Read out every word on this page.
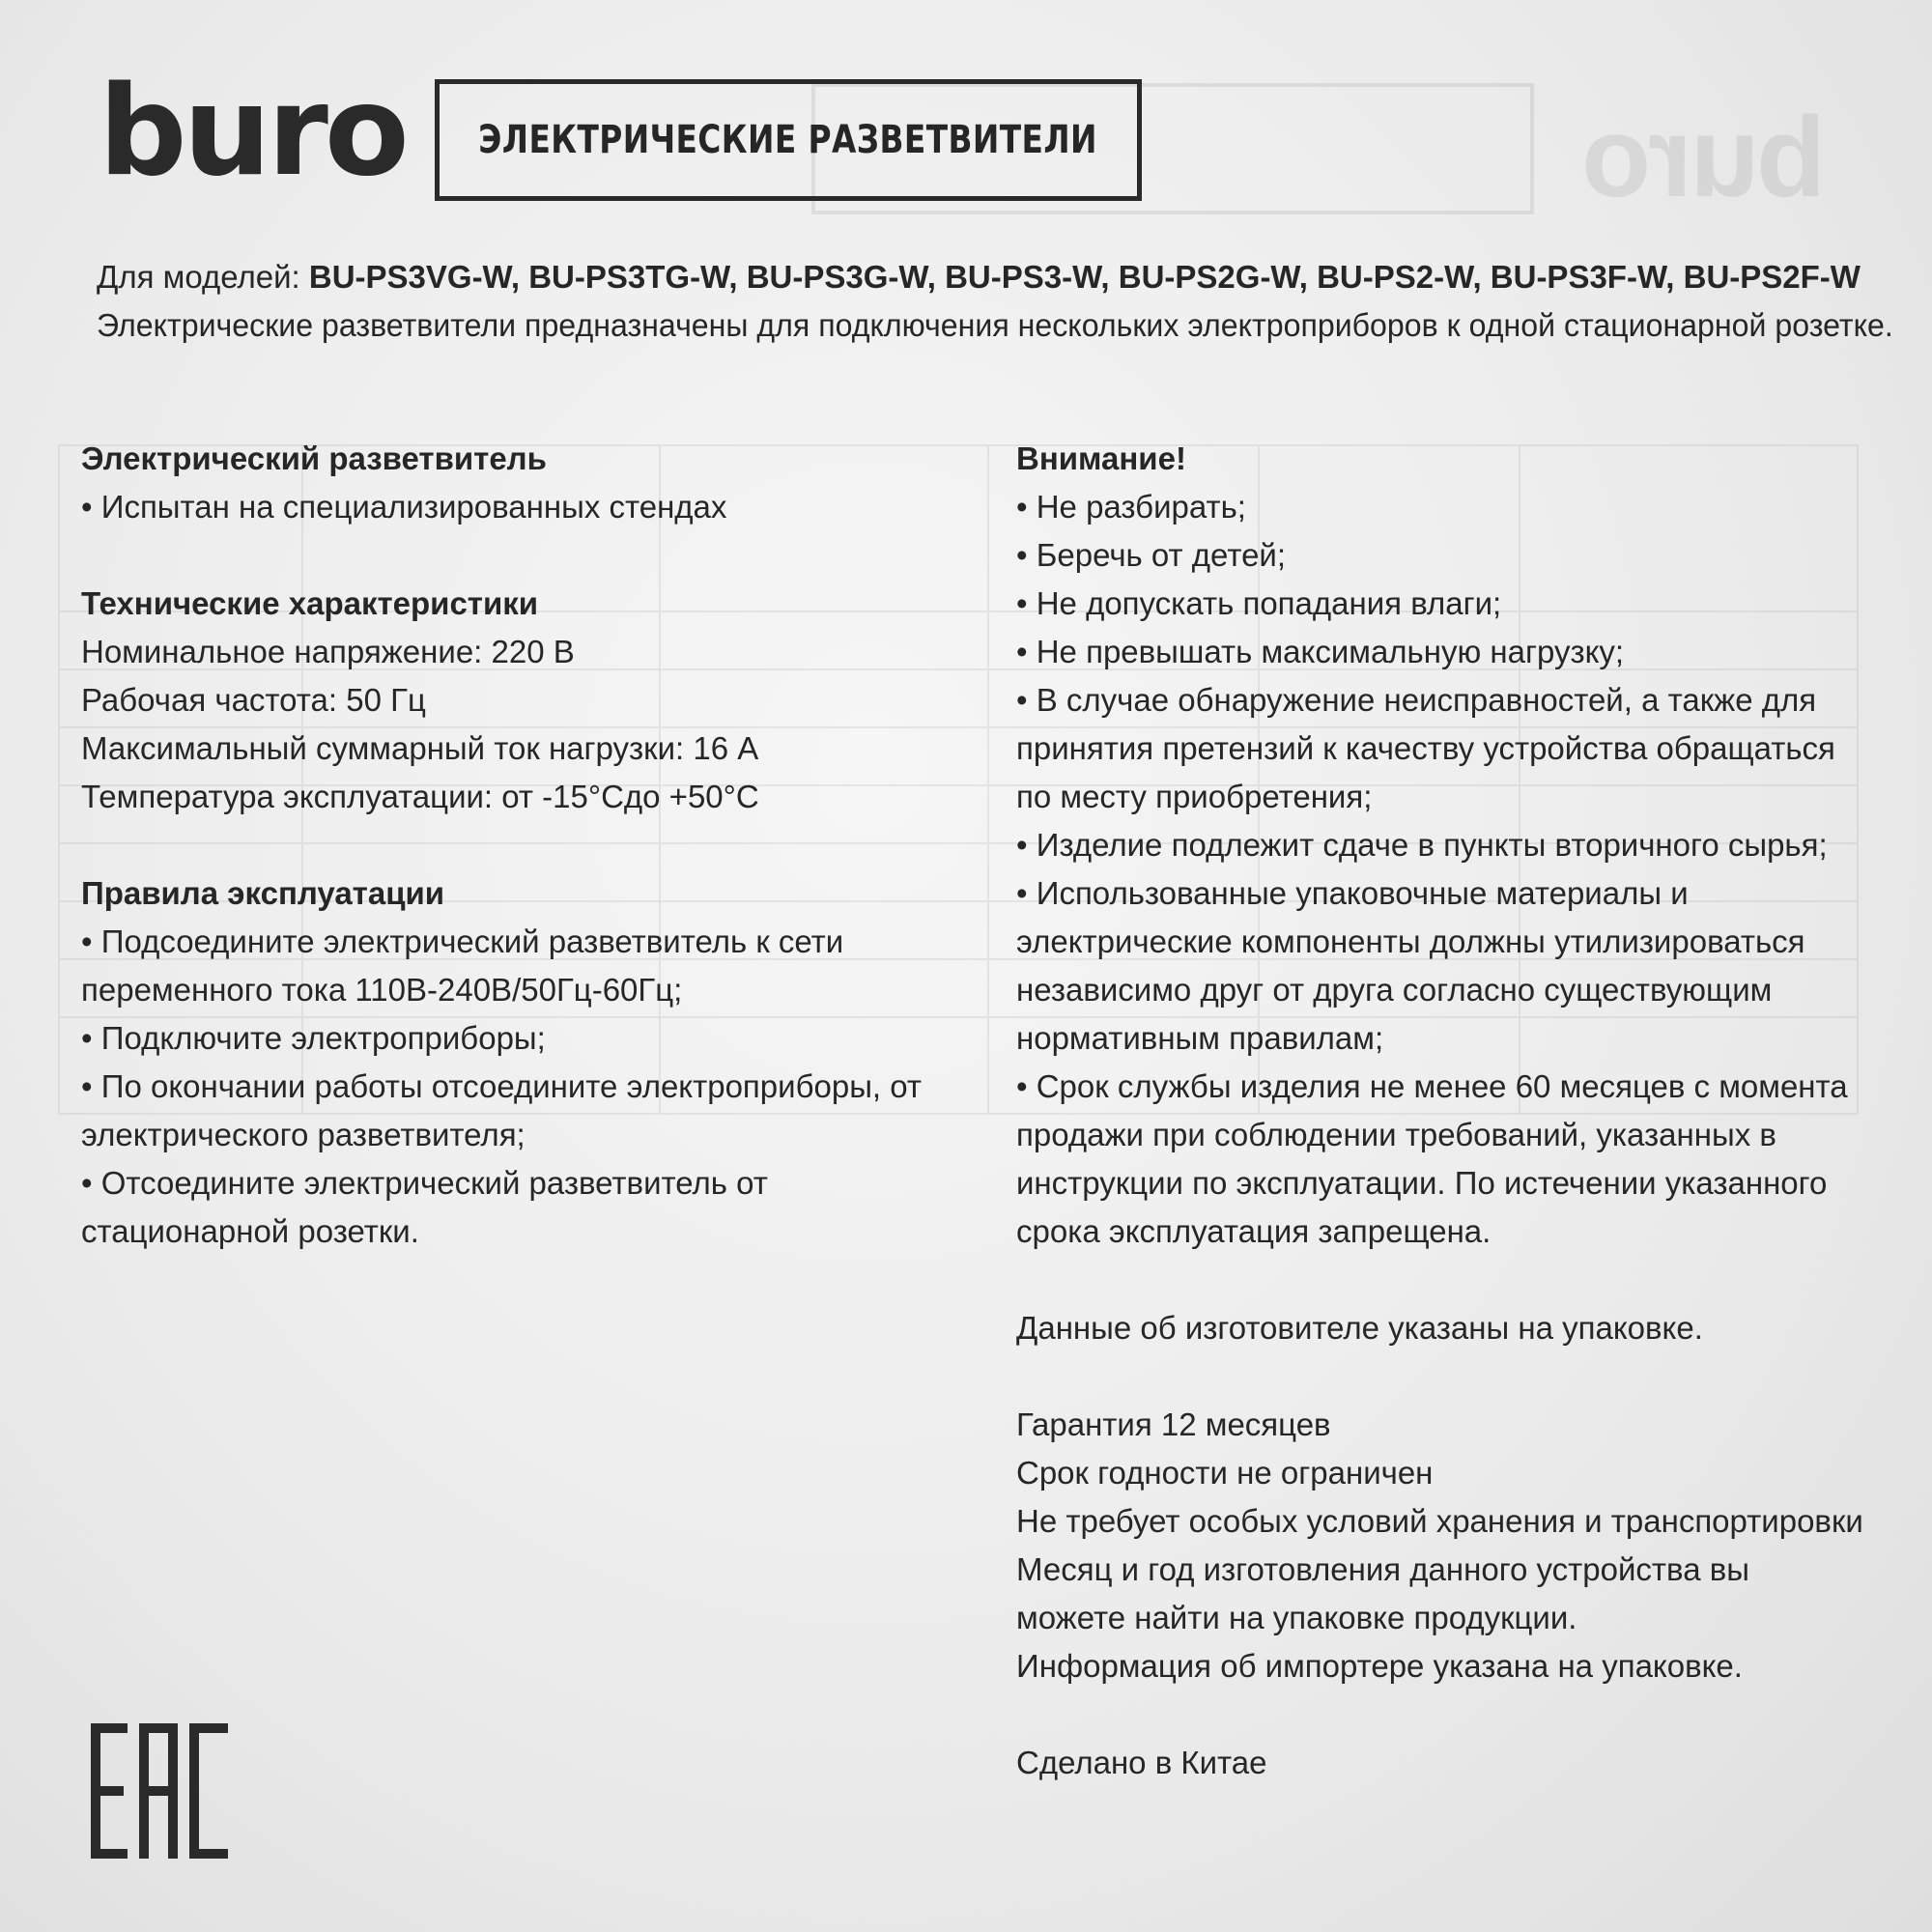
buro
buro ЭЛЕКТРИЧЕСКИЕ РАЗВЕТВИТЕЛИ
Для моделей: BU-PS3VG-W, BU-PS3TG-W, BU-PS3G-W, BU-PS3-W, BU-PS2G-W, BU-PS2-W, BU-PS3F-W, BU-PS2F-W
Электрические разветвители предназначены для подключения нескольких электроприборов к одной стационарной розетке.

Электрический разветвитель

• Испытан на специализированных стендах

Технические характеристики

Номинальное напряжение: 220 В

Рабочая частота: 50 Гц

Максимальный суммарный ток нагрузки: 16 А

Температура эксплуатации: от -15°Сдо +50°С

Правила эксплуатации

• Подсоедините электрический разветвитель к сети переменного тока 110В-240В/50Гц-60Гц;

• Подключите электроприборы;

• По окончании работы отсоедините электроприборы, от электрического разветвителя;

• Отсоедините электрический разветвитель от стационарной розетки.

Внимание!

• Не разбирать;

• Беречь от детей;

• Не допускать попадания влаги;

• Не превышать максимальную нагрузку;

• В случае обнаружение неисправностей, а также для принятия претензий к качеству устройства обращаться по месту приобретения;

• Изделие подлежит сдаче в пункты вторичного сырья;

• Использованные упаковочные материалы и электрические компоненты должны утилизироваться независимо друг от друга согласно существующим нормативным правилам;

• Срок службы изделия не менее 60 месяцев с момента продажи при соблюдении требований, указанных в инструкции по эксплуатации. По истечении указанного срока эксплуатация запрещена.

Данные об изготовителе указаны на упаковке.

Гарантия 12 месяцев

Срок годности не ограничен

Не требует особых условий хранения и транспортировки

Месяц и год изготовления данного устройства вы можете найти на упаковке продукции.

Информация об импортере указана на упаковке.

Сделано в Китае
